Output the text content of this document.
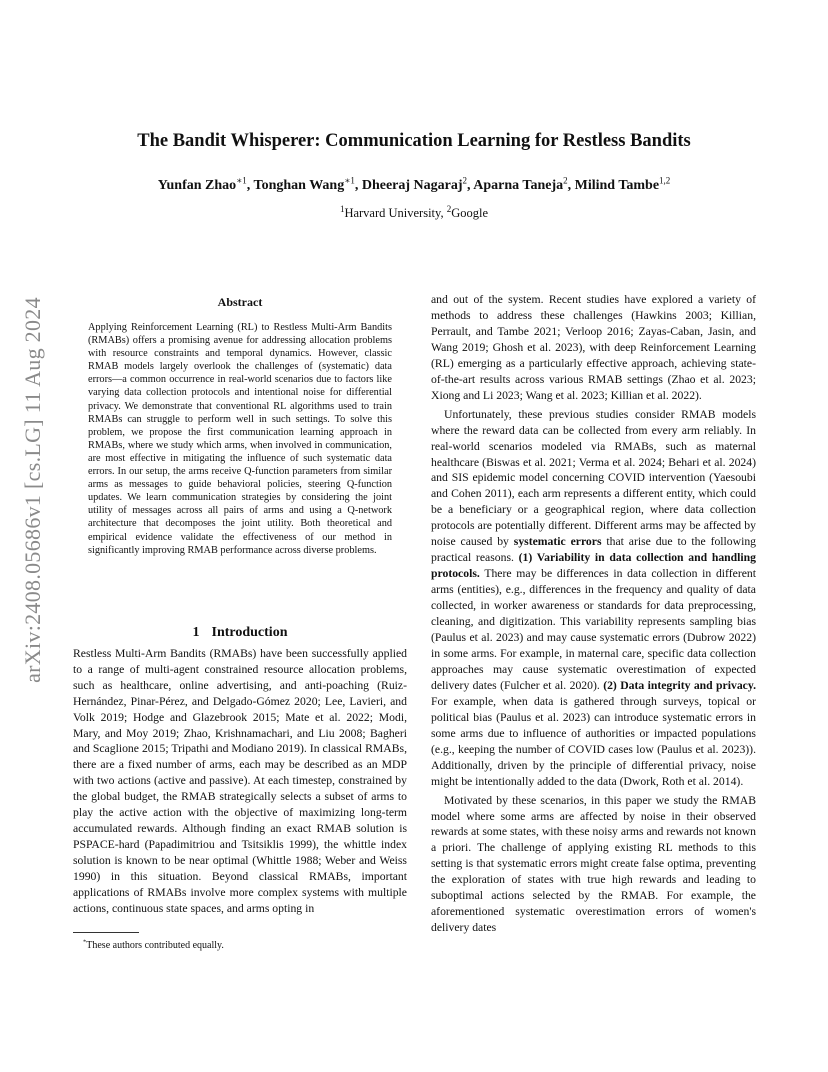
The Bandit Whisperer: Communication Learning for Restless Bandits
Yunfan Zhao$^{∗1}$, Tonghan Wang$^{∗1}$, Dheeraj Nagaraj$^2$, Aparna Taneja$^2$, Milind Tambe$^{1,2}$
$^1$Harvard University, $^2$Google
arXiv:2408.05686v1 [cs.LG] 11 Aug 2024	Abstract
Applying Reinforcement Learning (RL) to Restless Multi-Arm Bandits (RMABs) offers a promising avenue for addressing allocation problems with resource constraints and temporal dynamics. However, classic RMAB models largely overlook the challenges of (systematic) data errors—a common occurrence in real-world scenarios due to factors like varying data collection protocols and intentional noise for differential privacy. We demonstrate that conventional RL algorithms used to train RMABs can struggle to perform well in such settings. To solve this problem, we propose the first communication learning approach in RMABs, where we study which arms, when involved in communication, are most effective in mitigating the influence of such systematic data errors. In our setup, the arms receive Q-function parameters from similar arms as messages to guide behavioral policies, steering Q-function updates. We learn communication strategies by considering the joint utility of messages across all pairs of arms and using a Q-network architecture that decomposes the joint utility. Both theoretical and empirical evidence validate the effectiveness of our method in significantly improving RMAB performance across diverse problems.
1 Introduction

Restless Multi-Arm Bandits (RMABs) have been successfully applied to a range of multi-agent constrained resource allocation problems, such as healthcare, online advertising, and anti-poaching (Ruiz-Hernández, Pinar-Pérez, and Delgado-Gómez 2020; Lee, Lavieri, and Volk 2019; Hodge and Glazebrook 2015; Mate et al. 2022; Modi, Mary, and Moy 2019; Zhao, Krishnamachari, and Liu 2008; Bagheri and Scaglione 2015; Tripathi and Modiano 2019). In classical RMABs, there are a fixed number of arms, each may be described as an MDP with two actions (active and passive). At each timestep, constrained by the global budget, the RMAB strategically selects a subset of arms to play the active action with the objective of maximizing long-term accumulated rewards. Although finding an exact RMAB solution is PSPACE-hard (Papadimitriou and Tsitsiklis 1999), the whittle index solution is known to be near optimal (Whittle 1988; Weber and Weiss 1990) in this situation. Beyond classical RMABs, important applications of RMABs involve more complex systems with multiple actions, continuous state spaces, and arms opting in

*These authors contributed equally.

and out of the system. Recent studies have explored a variety of methods to address these challenges (Hawkins 2003; Killian, Perrault, and Tambe 2021; Verloop 2016; Zayas-Caban, Jasin, and Wang 2019; Ghosh et al. 2023), with deep Reinforcement Learning (RL) emerging as a particularly effective approach, achieving state-of-the-art results across various RMAB settings (Zhao et al. 2023; Xiong and Li 2023; Wang et al. 2023; Killian et al. 2022).

Unfortunately, these previous studies consider RMAB models where the reward data can be collected from every arm reliably. In real-world scenarios modeled via RMABs, such as maternal healthcare (Biswas et al. 2021; Verma et al. 2024; Behari et al. 2024) and SIS epidemic model concerning COVID intervention (Yaesoubi and Cohen 2011), each arm represents a different entity, which could be a beneficiary or a geographical region, where data collection protocols are potentially different. Different arms may be affected by noise caused by systematic errors that arise due to the following practical reasons. (1) Variability in data collection and handling protocols. There may be differences in data collection in different arms (entities), e.g., differences in the frequency and quality of data collected, in worker awareness or standards for data preprocessing, cleaning, and digitization. This variability represents sampling bias (Paulus et al. 2023) and may cause systematic errors (Dubrow 2022) in some arms. For example, in maternal care, specific data collection approaches may cause systematic overestimation of expected delivery dates (Fulcher et al. 2020). (2) Data integrity and privacy. For example, when data is gathered through surveys, topical or political bias (Paulus et al. 2023) can introduce systematic errors in some arms due to influence of authorities or impacted populations (e.g., keeping the number of COVID cases low (Paulus et al. 2023)). Additionally, driven by the principle of differential privacy, noise might be intentionally added to the data (Dwork, Roth et al. 2014).

Motivated by these scenarios, in this paper we study the RMAB model where some arms are affected by noise in their observed rewards at some states, with these noisy arms and rewards not known a priori. The challenge of applying existing RL methods to this setting is that systematic errors might create false optima, preventing the exploration of states with true high rewards and leading to suboptimal actions selected by the RMAB. For example, the aforementioned systematic overestimation errors of women's delivery dates
